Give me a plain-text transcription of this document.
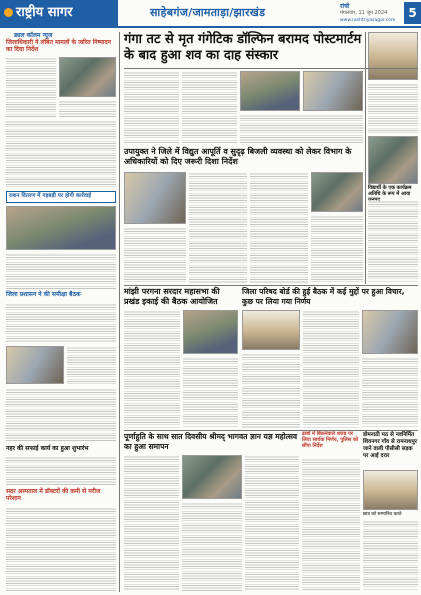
राष्ट्रीय सागर	साहेबगंज/जामताड़ा/झारखंड	रांची
मंगलवार, 11 जून 2024
www.rashtriyasagar.com
5
ड्यल कॉलम न्यूज
जिलाधिकारी ने लंबित मामलों के त्वरित निष्पादन का दिया निर्देश
राशन वितरण में गड़बड़ी पर होगी कार्रवाई
जिला प्रशासन ने की समीक्षा बैठक
नहर की सफाई कार्य का हुआ शुभारंभ
सदर अस्पताल में डॉक्टरों की कमी से मरीज परेशान
गंगा तट से मृत गंगेटिक डॉल्फिन बरामद पोस्टमार्टम के बाद हुआ शव का दाह संस्कार
विद्यार्थी के एक कार्यक्रम अतिथि के रूप में आया
उपायुक्त ने जिले में विद्युत आपूर्ति व सुदृढ़ बिजली व्यवस्था को लेकर विभाग के अधिकारियों को दिए जरूरी दिशा निर्देश
मांझी परगना सरदार महासभा की प्रखंड इकाई की बैठक आयोजित
जिला परिषद बोर्ड की हुई बैठक में कई मुद्दों पर हुआ विचार, कुछ पर लिया गया निर्णय
पूर्णाहुति के साथ सात दिवसीय श्रीमद् भागवत ज्ञान यज्ञ महोत्सव का हुआ समापन
ढाबों में बिकनेवाले शराब पर लिया सार्थक निर्णय, पुलिस को सौंपा निर्देश
डोमनाठी मठ से नवनिर्मित शिवनगर गाँव से रामनाथपुर जाने वाली पीसीसी सड़क पर आई दरार
छात्र को सम्मानित करते
